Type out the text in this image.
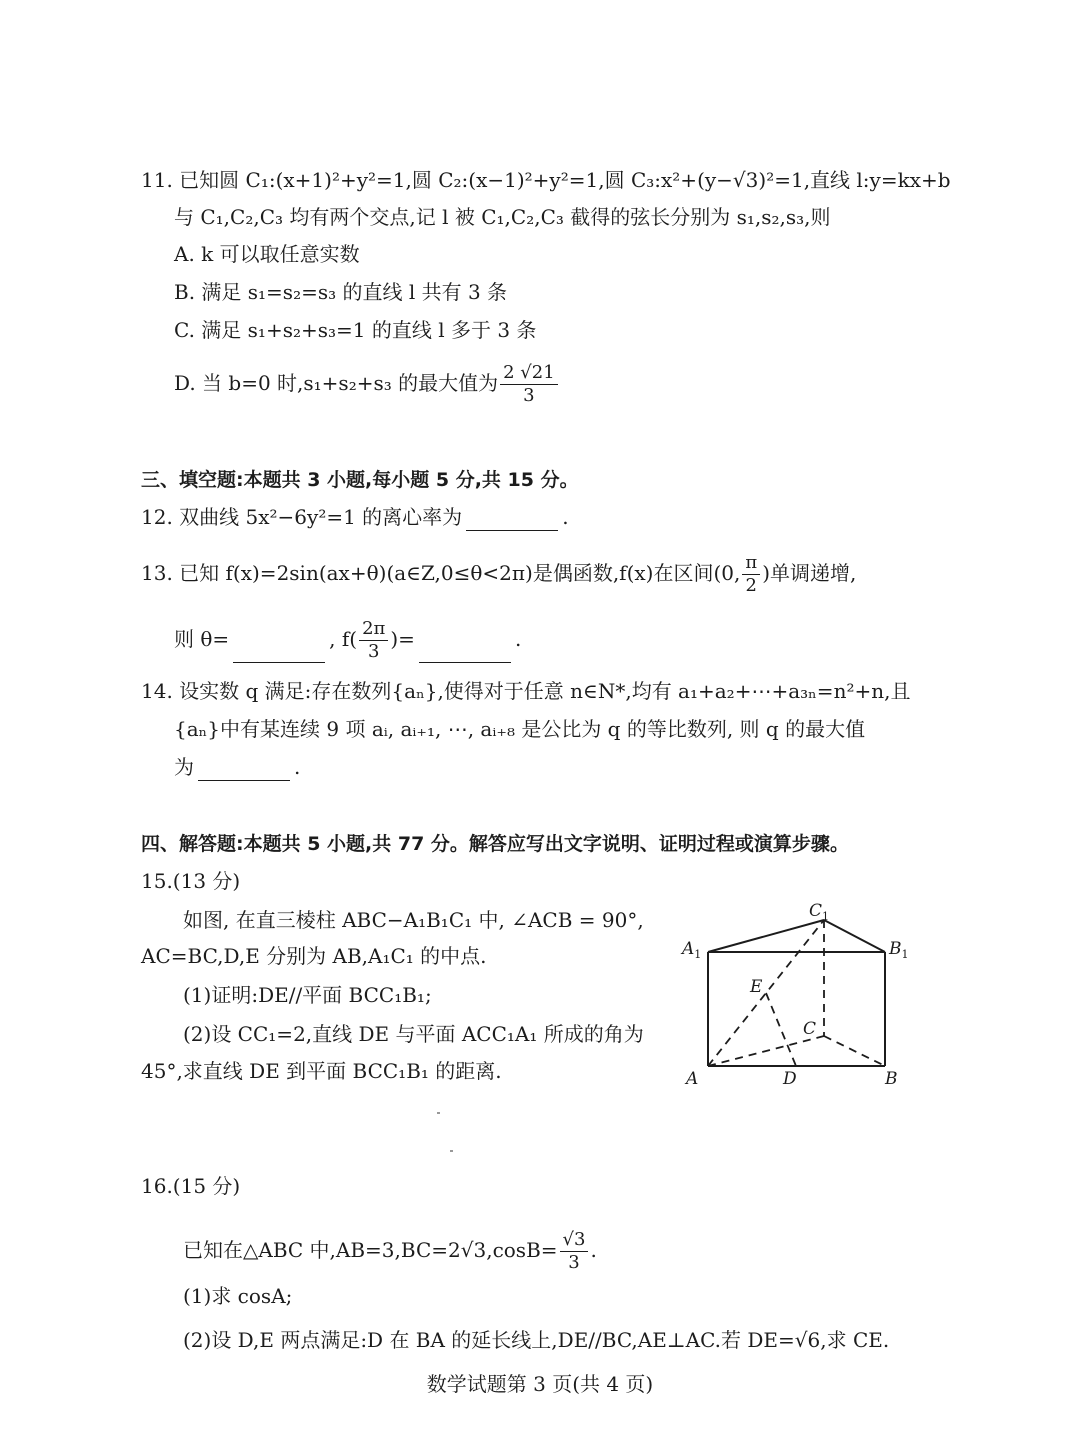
11. 已知圆 C₁:(x+1)²+y²=1,圆 C₂:(x−1)²+y²=1,圆 C₃:x²+(y−√3)²=1,直线 l:y=kx+b
与 C₁,C₂,C₃ 均有两个交点,记 l 被 C₁,C₂,C₃ 截得的弦长分别为 s₁,s₂,s₃,则
A. k 可以取任意实数
B. 满足 s₁=s₂=s₃ 的直线 l 共有 3 条
C. 满足 s₁+s₂+s₃=1 的直线 l 多于 3 条
D. 当 b=0 时,s₁+s₂+s₃ 的最大值为 $\frac{2 √21}{3}$
三、填空题:本题共 3 小题,每小题 5 分,共 15 分。
12. 双曲线 5x²−6y²=1 的离心率为	.
13. 已知 f(x)=2sin(ax+θ)(a∈Z,0≤θ<2π)是偶函数,f(x)在区间(0, $\frac{\pi}{2}$ )单调递增,
则 θ=	, $f( \frac{2\pi}{3}$ )=	.
14. 设实数 q 满足:存在数列{aₙ},使得对于任意 n∈N*,均有 a₁+a₂+⋯+a₃ₙ=n²+n,且
{aₙ}中有某连续 9 项 aᵢ, aᵢ₊₁, ⋯, aᵢ₊₈ 是公比为 q 的等比数列, 则 q 的最大值
为	.
四、解答题:本题共 5 小题,共 77 分。解答应写出文字说明、证明过程或演算步骤。
15.(13 分)
如图, 在直三棱柱 ABC−A₁B₁C₁ 中, ∠ACB = 90°,
AC=BC,D,E 分别为 AB,A₁C₁ 的中点.
(1)证明:DE//平面 BCC₁B₁;
(2)设 CC₁=2,直线 DE 与平面 ACC₁A₁ 所成的角为
45°,求直线 DE 到平面 BCC₁B₁ 的距离.
$C_1$
$A_1$	$B_1$
E
C
A	D	B
16.(15 分)
已知在△ABC 中$,AB=3,BC=2√3,\cos B= \frac{√3}{3}$ .
(1)求 cosA;
(2)设 D,E 两点满足:D 在 BA 的延长线上,DE//BC,AE⊥AC.若 DE=√6,求 CE.
数学试题第 3 页(共 4 页)
